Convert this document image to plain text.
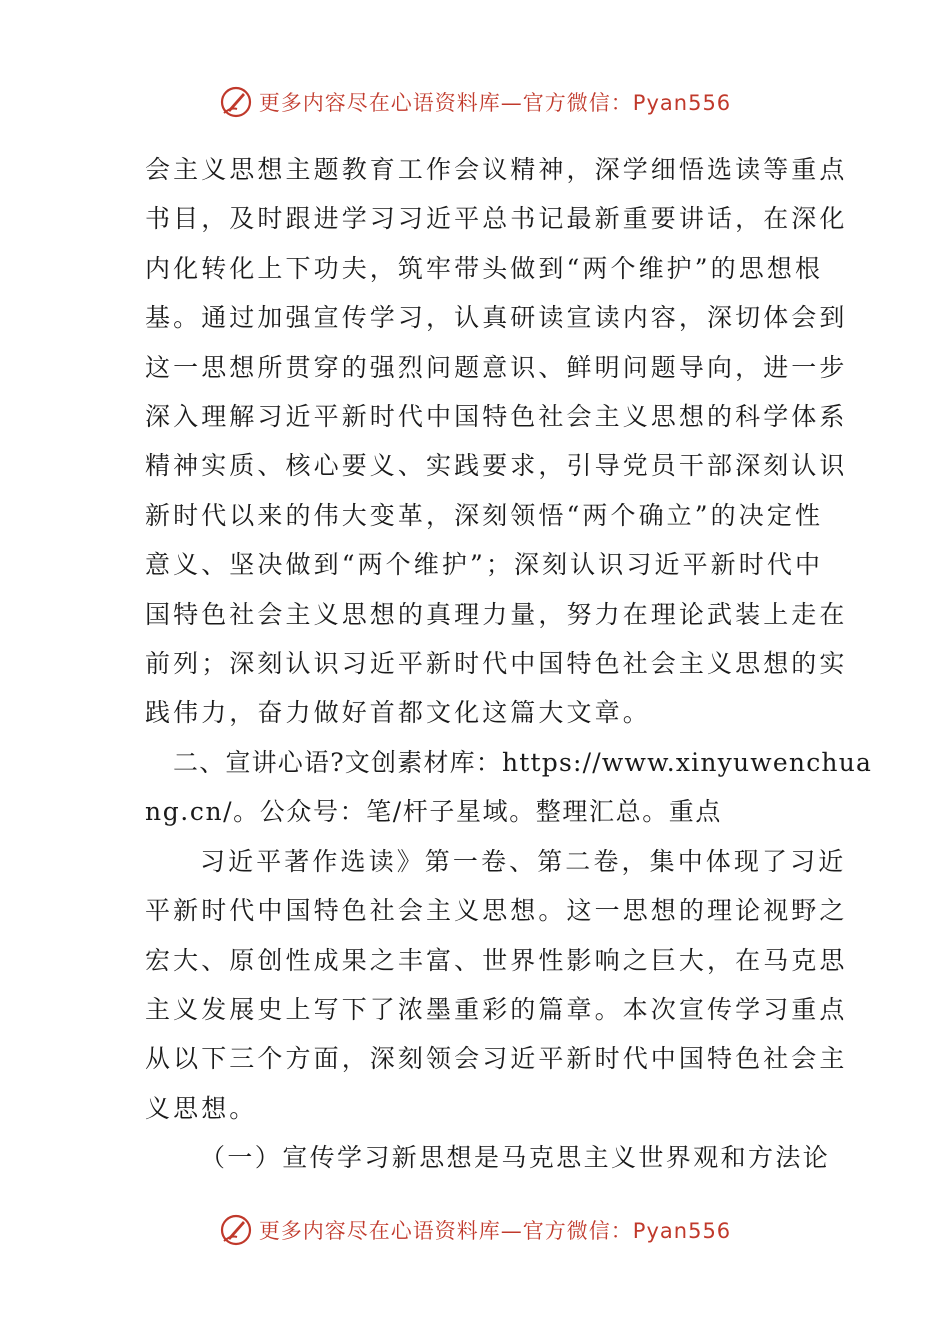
更多内容尽在心语资料库—官方微信：Pyan556

会主义思想主题教育工作会议精神，深学细悟选读等重点
书目，及时跟进学习习近平总书记最新重要讲话，在深化
内化转化上下功夫，筑牢带头做到“两个维护”的思想根
基。通过加强宣传学习，认真研读宣读内容，深切体会到
这一思想所贯穿的强烈问题意识、鲜明问题导向，进一步
深入理解习近平新时代中国特色社会主义思想的科学体系
精神实质、核心要义、实践要求，引导党员干部深刻认识
新时代以来的伟大变革，深刻领悟“两个确立”的决定性
意义、坚决做到“两个维护”；深刻认识习近平新时代中
国特色社会主义思想的真理力量，努力在理论武装上走在
前列；深刻认识习近平新时代中国特色社会主义思想的实
践伟力，奋力做好首都文化这篇大文章。

二、宣讲心语?文创素材库：https://www.xinyuwenchua
ng.cn/。公众号：笔/杆子星域。整理汇总。重点

习近平著作选读》第一卷、第二卷，集中体现了习近
平新时代中国特色社会主义思想。这一思想的理论视野之
宏大、原创性成果之丰富、世界性影响之巨大，在马克思
主义发展史上写下了浓墨重彩的篇章。本次宣传学习重点
从以下三个方面，深刻领会习近平新时代中国特色社会主
义思想。

（一）宣传学习新思想是马克思主义世界观和方法论

更多内容尽在心语资料库—官方微信：Pyan556
